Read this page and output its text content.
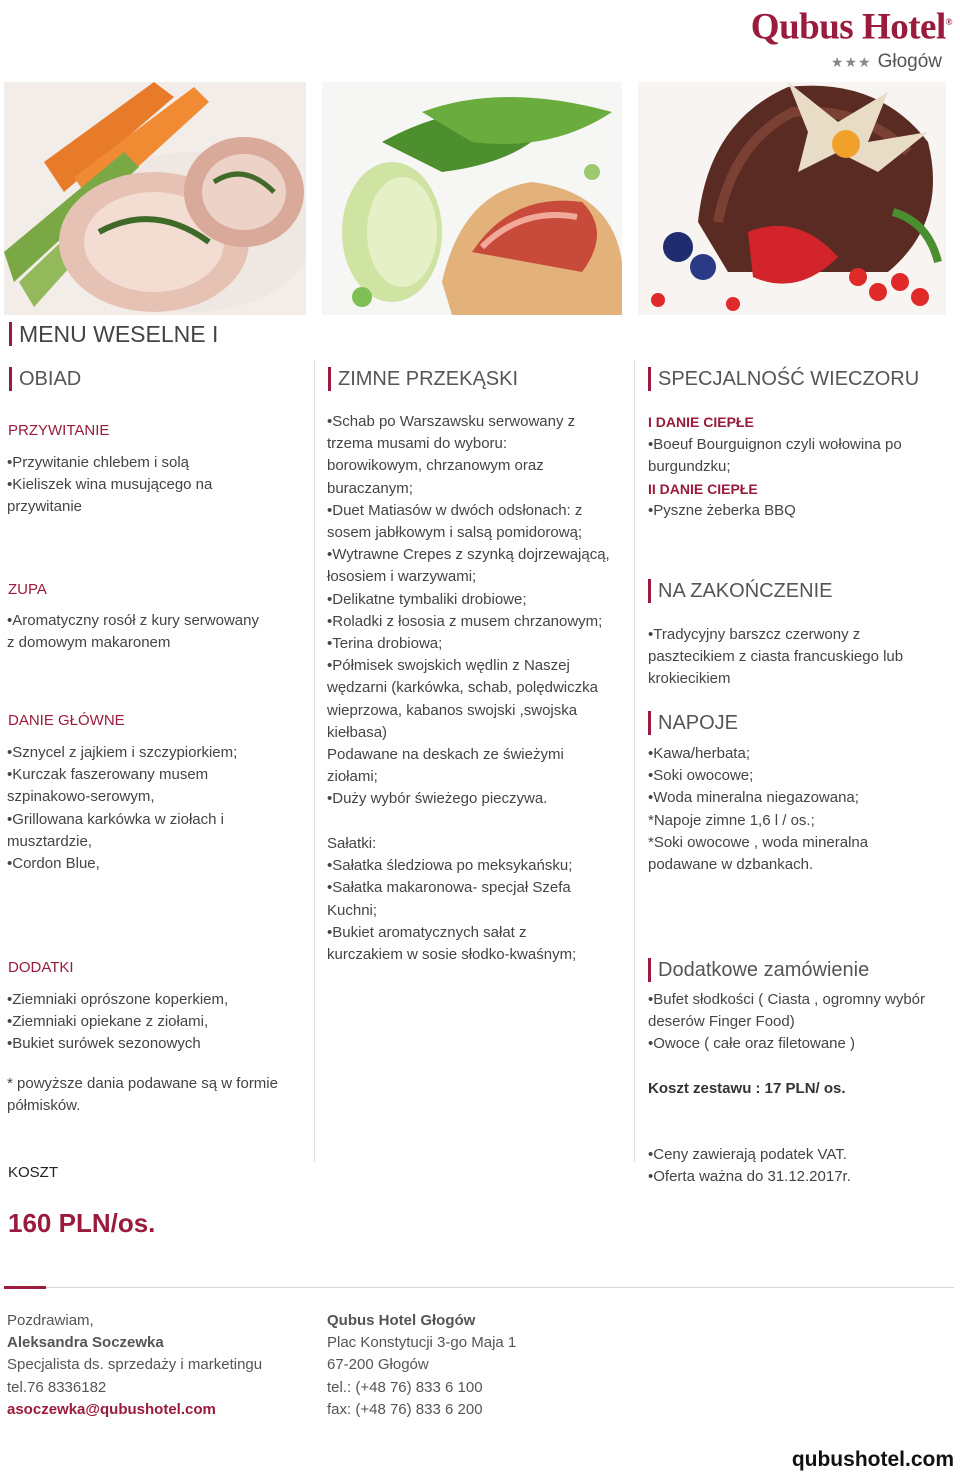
Qubus Hotel®
★★★ Głogów
MENU WESELNE I
OBIAD
PRZYWITANIE
•Przywitanie chlebem i solą
•Kieliszek wina musującego na
przywitanie
ZUPA
•Aromatyczny rosół z kury serwowany
z domowym makaronem
DANIE GŁÓWNE
•Sznycel z jajkiem i szczypiorkiem;
•Kurczak faszerowany musem
szpinakowo-serowym,
•Grillowana karkówka w ziołach i
musztardzie,
•Cordon Blue,
DODATKI
•Ziemniaki oprószone koperkiem,
•Ziemniaki opiekane z ziołami,
•Bukiet surówek sezonowych
* powyższe dania podawane są w formie
półmisków.
KOSZT
160 PLN/os.
ZIMNE PRZEKĄSKI
•Schab po Warszawsku serwowany z
trzema musami do wyboru:
borowikowym, chrzanowym oraz
buraczanym;
•Duet Matiasów w dwóch odsłonach: z
sosem jabłkowym i salsą pomidorową;
•Wytrawne Crepes z szynką dojrzewającą,
łososiem i warzywami;
•Delikatne tymbaliki drobiowe;
•Roladki z łososia z musem chrzanowym;
•Terina drobiowa;
•Półmisek swojskich wędlin z Naszej
wędzarni (karkówka, schab, polędwiczka
wieprzowa, kabanos swojski ,swojska
kiełbasa)
Podawane na deskach ze świeżymi
ziołami;
•Duży wybór świeżego pieczywa.
Sałatki:
•Sałatka śledziowa po meksykańsku;
•Sałatka makaronowa- specjał Szefa
Kuchni;
•Bukiet aromatycznych sałat z
kurczakiem w sosie słodko-kwaśnym;
SPECJALNOŚĆ WIECZORU
I DANIE CIEPŁE
•Boeuf Bourguignon czyli wołowina po
burgundzku;
II DANIE CIEPŁE
•Pyszne żeberka BBQ
NA ZAKOŃCZENIE
•Tradycyjny barszcz czerwony z
pasztecikiem z ciasta francuskiego lub
krokiecikiem
NAPOJE
•Kawa/herbata;
•Soki owocowe;
•Woda mineralna niegazowana;
*Napoje zimne 1,6 l / os.;
*Soki owocowe , woda mineralna
podawane w dzbankach.
Dodatkowe zamówienie
•Bufet słodkości ( Ciasta , ogromny wybór
deserów Finger Food)
•Owoce ( całe oraz filetowane )
Koszt zestawu : 17 PLN/ os.
•Ceny zawierają podatek VAT.
•Oferta ważna do 31.12.2017r.
Pozdrawiam,
Aleksandra Soczewka
Specjalista ds. sprzedaży i marketingu
tel.76 8336182
asoczewka@qubushotel.com
Qubus Hotel Głogów
Plac Konstytucji 3-go Maja 1
67-200 Głogów
tel.: (+48 76) 833 6 100
fax: (+48 76) 833 6 200
qubushotel.com
